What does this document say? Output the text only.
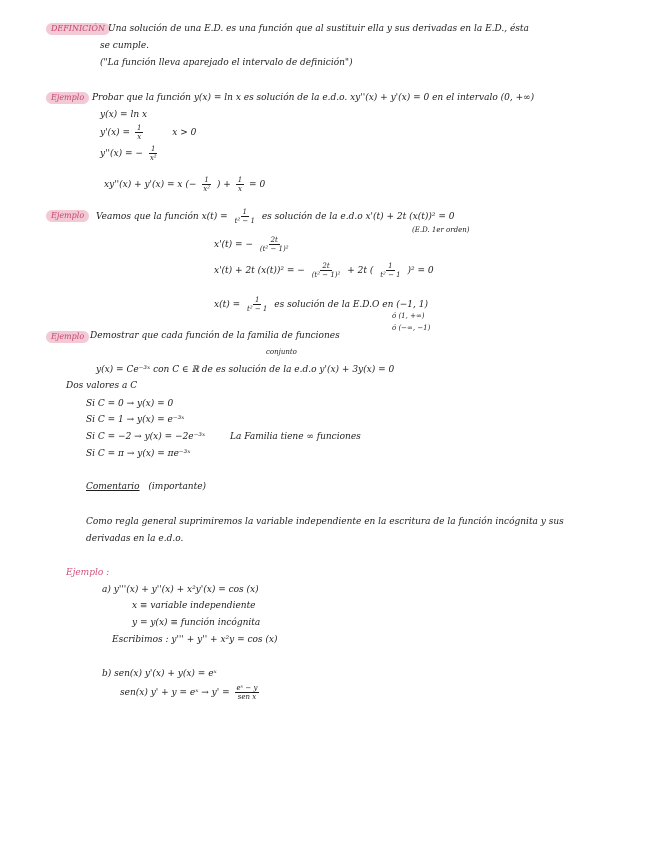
DEFINICIÓN Una solución de una E.D. es una función que al sustituir ella y sus derivadas en la E.D., ésta
se cumple.
("La función lleva aparejado el intervalo de definición")
Ejemplo Probar que la función y(x) = ln x es solución de la e.d.o. xy''(x) + y'(x) = 0 en el intervalo (0, +∞)
y(x) = ln x
$y'(x) = \frac{1}{x}$	x > 0
y''(x) = − $\frac{1}{\text{x²}}$
xy''(x) + y'(x) = x (− $\frac{1}{\text{x²}}$ ) + $\frac{1}{x} = 0$
Ejemplo	Veamos que la función $x(t) = \frac{1}{\text{t² − 1}}$ es solución de la e.d.o x'(t) + 2t (x(t))² = 0
(E.D. 1er orden)
x'(t) = − $\frac{2t}{\text{(t² − 1)²}}$
x'(t) + 2t (x(t))² = − $\frac{2t}{\text{(t² − 1)²}} + 2t$ ( $\frac{1}{\text{t² − 1}} )^2 = 0$
$x(t) = \frac{1}{\text{t² − 1}}$ es solución de la E.D.O en (−1, 1)
ó (1, +∞)
ó (−∞, −1)
Ejemplo Demostrar que cada función de la familia de funciones
conjunto
y(x) = Ce⁻³ˣ con C ∈ ℝ de es solución de la e.d.o y'(x) + 3y(x) = 0
Dos valores a C
Si C = 0 → y(x) = 0
Si C = 1 → y(x) = e⁻³ˣ
Si C = −2 → y(x) = −2e⁻³ˣ	La Familia tiene ∞ funciones
Si C = π → y(x) = πe⁻³ˣ
Comentario (importante)
Como regla general suprimiremos la variable independiente en la escritura de la función incógnita y sus
derivadas en la e.d.o.
Ejemplo :
a) y'''(x) + y''(x) + x²y'(x) = cos (x)
x ≡ variable independiente
y = y(x) ≡ función incógnita
Escribimos : y''' + y'' + x²y = cos (x)
b) sen(x) y'(x) + y(x) = eˣ
sen(x) y' + y = eˣ → $y' = \frac{\text{eˣ − y}}{\text{sen x}}$
